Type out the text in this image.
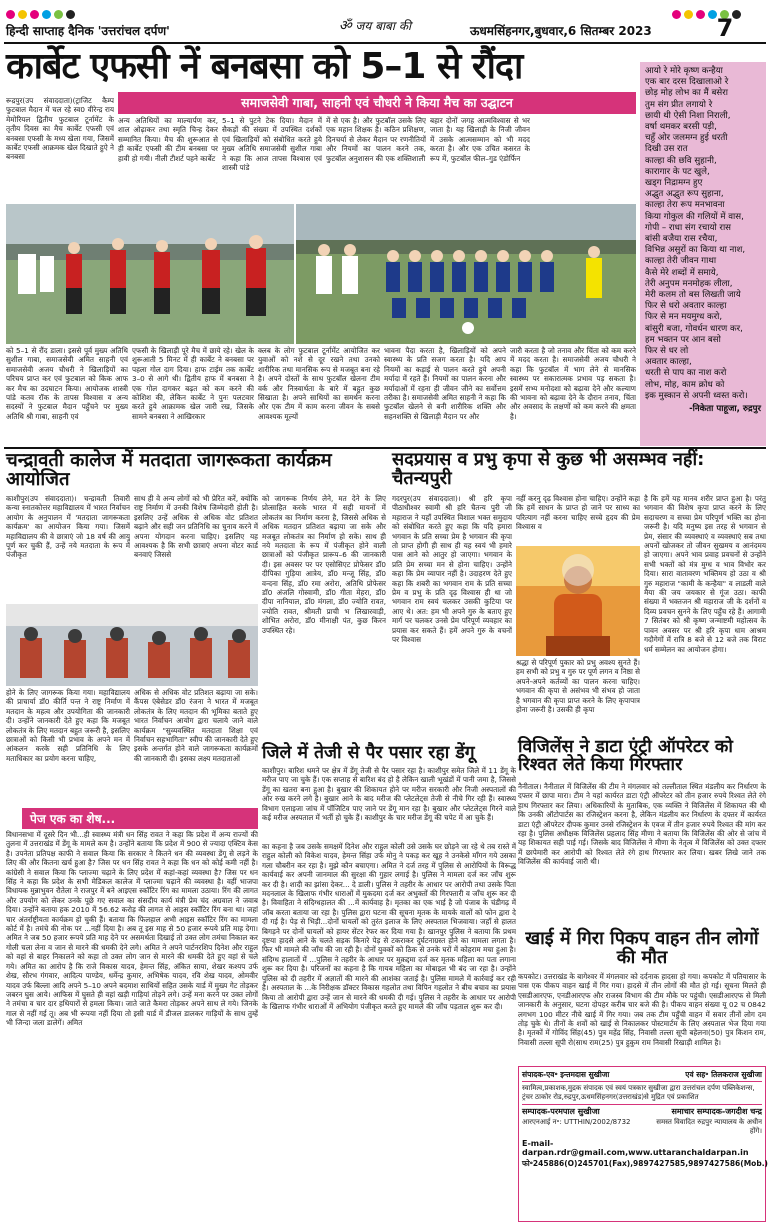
हिन्दी साप्ताह दैनिक 'उत्तरांचल दर्पण'	ॐ जय बाबा की	ऊधमसिंहनगर,बुधवार,6 सितम्बर 2023	7
कार्बेट एफसी नें बनबसा को 5–1 से रौंदा
रूद्रपुर(उप संवाददाता)(ट्राजिट कैम्प फुटबाल मैदान में चल रहे स्व0 वीरेन्द्र राय मेमोरियल द्वितीय फुटबाल टूर्नामेंट के तृतीय दिवस का मैच कार्बेट एफसी एवं बनबसा एफसी के मध्य खेला गया, जिसमें कार्बेट एफसी आक्रमक खेल दिखाते हुऐ ने बनबसा
समाजसेवी गाबा, साहनी एवं चौधरी ने किया मैच का उद्घाटन
अन्य अतिथियों का माल्यार्पण कर, शाल ओढ़ाकर तथा स्मृति चिन्ह देकर सम्मानित किया। मैच की शुरूआत से ही कार्बेट एफसी की टीम बनबसा पर हावी हो गयी। नीली टीशर्ट पहने कार्बेट
5–1 से पुटने टेक दिया। मैदान में सैकड़ों की संख्या में उपस्थित दर्शकों एवं खिलाड़ियों को संबोधित करते हुये मुख्य अतिथि समाजसेवी सुशील गाबा ने कहा कि आज तापस विश्वास एवं शास्त्री पांडे
में से एक है। और फुटबॉल उसके लिए एक महान शिक्षक है। कठिन प्रशिक्षण, दिनचर्या से लेकर मैदान पर रणनीतियों और नियमों का पालन करने तक, फुटबॉल अनुशासन की एक शक्तिशाली
बहार दोनों जगह आत्मविश्वास से भर जाता है। यह खिलाड़ी के निजी जीवन में उसके आत्मसम्मान को भी मदद करता है। और एक उचित कसरत के रूप में, फुटबॉल फील–गुड एंडोर्फिन
को 5–1 से रौंद डाला। इससे पूर्व मुख्य अतिथि सुशील गाबा, समाजसेवी अमित साहनी एवं समाजसेवी अजय चौधरी ने खिलाड़ियों का परिचय प्राप्त कर एवं फुटबाल को किक आफ कर मैच का उदघाटन किया। आयोजक शास्त्री पांडे कतव रॉक के तापस विश्वास व अन्य सदस्यों ने फुटबाल मैदान पहुँचने पर मुख्य अतिथि श्री गाबा, साहनी एवं
एफसी के खिलाड़ी पूरे मैच में छाये रहे। खेल के शुरूआती 5 मिनट में ही कार्बेट ने बनबसा पर पहला गोल दाग दिया। हाफ टाईम तक कार्बेट 3–0 से आगे थी। द्वितीय हाफ में बनबसा ने एक गोल दागकर बढ़त को कम करने की कोशिश की, लेकिन कार्बेट ने पुनः पलटवार करते हुये आक्रामक खेल जारी रख, जिसके सामने बनबसा ने आखिरकार
क्लब के लोग फुटबाल टूर्नामेंट आयोजित कर युवाओं को नशे से दूर रखने तथा उनको शारीरिक तथा मानसिक रूप से मजबूत बना रहे है। अपने दोस्तों के साथ फुटबॉल खेलना टीम वर्क और निःस्वार्थता के बारे में बहुत कुछ सिखाता है। अपने साथियों का समर्थन करना और एक टीम में काम करना जीवन के सबसे आवश्यक मूल्यों
भावना पैदा करता है, खिलाड़ियों को अपने स्वास्थ्य के प्रति सजग करता है। यदि आप नियमों का कड़ाई से पालन करते हुये अपनी मर्यादा में रहते हैं। नियमों का पालन करना और मर्यादाओं में रहना ही जीवन जीने का सर्वोत्तम तरीका है। समाजसेवी अमित साहनी ने कहा कि फुटबॉल खेलने से बनी शारीरिक शक्ति और सहनशक्ति से खिलाड़ी मैदान पर और
जारी करता है जो तनाव और चिंता को कम करने में मदद करता है। समाजसेवी अजय चौधरी ने कहा कि फुटबॉल में भाग लेने से मानसिक स्वास्थ्य पर सकारात्मक प्रभाव पड़ सकता है। इसमें सभ्य मनोदशा को बढ़ावा देने और कल्याण की भावना को बढ़ावा देने के दौरान तनाव, चिंता और अवसाद के लक्षणों को कम करने की क्षमता है।
आयो रे मोरे कृष्ण कन्हैया
एक बार दरस दिखालाओ रे
छोड़ मोह लोभ का मैं बसेरा
तुम संग प्रीत लगायो रे
छायी थी ऐसी निशा निराली,
वर्षा थमकर बरसी पड़ी,
चहुँ ओर जलमग्न हुई धरती
दिखी उस रात
काल्हा की छवि सुहानी,
कारागार के पट खुले,
खड्ग निद्रामग्न हुए
अद्भुत अद्भुत रूप सुहाना,
काल्हा तेरा रूप मनभावना
किया गोकुल की गलियों में वास,
गोपी – राधा संग रचायो रास
बांसी बजैया रास रचैया,
विभिन्न असुरों का किया था नाश,
काल्हा तेरी जीवन गाथा
कैसे मेरे शब्दों में समाये,
तेरी अनुपम मनमोहक लीला,
मेरी कलम तो बस लिखती जाये
फिर से धरो अवतार काल्हा
फिर से मन मयमुग्ध करो,
बांसुरी बजा, गोवर्धन धारण कर,
हम भक्तन पर आन बसो
फिर से धर लो
अवतार काल्हा,
धरती से पाप का नाश करो
लोभ, मोह, काम क्रोध को
इक मुस्कान से अपनी ध्वस्त करो।
-निकेता पाहूजा, रुद्रपुर
चन्द्रावती कालेज में मतदाता जागरूकता कार्यक्रम आयोजित
काशीपुर(उप संवाददाता)। चन्द्रावती तिवारी कन्या स्नातकोत्तर महाविद्यालय में भारत निर्वाचन आयोग के अनुपालन में 'मतदाता जागरूकता कार्यक्रम' का आयोजन किया गया। जिसमें महाविद्यालय की वे छात्राएं जो 18 वर्ष की आयु पूर्ण कर चुकी हैं, उन्हें नये मतदाता के रूप में पंजीकृत
साथ ही वे अन्य लोगों को भी प्रेरित करें, क्योंकि राष्ट्र निर्माण में उनकी विशेष जिम्मेदारी होती है। इसलिए उन्हें अधिक से अधिक वोट प्रतिशत बढ़ाने और सही जन प्रतिनिधि का चुनाव करने में अपना योगदान करना चाहिए। इसलिए यह आवश्यक है कि सभी छात्राएं अपना वोटर कार्ड बनवाएं जिससे
को जागरूक निर्णय लेने, मत देने के लिए प्रोत्साहित करके भारत में सही मायनों में लोकतंत्र का निर्माण करना है, जिससे अधिक से अधिक मतदान प्रतिशत बढ़ाया जा सके और मजबूत लोकतंत्र का निर्माण हो सके। साथ ही नये मतदाता के रूप में पंजीकृत होने वाली छात्राओं को पंजीकृत प्रारूप–6 की जानकारी दी। इस अवसर पर पर एसोसिएट प्रोफेसर डॉ0 दीपिका गुड़िया आत्रेय, डॉ0 मन्जू सिंह, डॉ0 वन्दना सिंह, डॉ0 रमा अरोरा, अतिथि प्रोफेसर डॉ0 अंजलि गोस्वामी, डॉ0 गीता मेहरा, डॉ0 दीपा नानियाल, डॉ0 मंगला, डॉ0 ज्योति रावत, ज्योति रावत, श्रीमती प्राची भ लिखारवाड़ी, शोभित अरोरा, डॉ0 मीनाक्षी पंत, कुछ किरन उपस्थित रहे।
होने के लिए जागरूक किया गया। महाविद्यालय की प्राचार्या डॉ0 कीर्ति पन्त ने राष्ट्र निर्माण में मतदान के महत्व और उपयोगिता की जानकारी दी। उन्होंने जानकारी देते हुए कहा कि मजबूत लोकतंत्र के लिए मतदान बहुत जरूरी है, इसलिए छात्राओं को किसी भी प्रभाव के अपने मन में आंकलन करके सही प्रतिनिधि के लिए मताधिकार का प्रयोग करना चाहिए,
अधिक से अधिक वोट प्रतिशत बढ़ाया जा सके। कैंपस एंबेसेडर डॉ0 रंजना ने भारत में मजबूत लोकतंत्र के लिए मतदान की भूमिका बताते हुए भारत निर्वाचन आयोग द्वारा चलाये जाने वाले कार्यक्रम "सुव्यवस्थित मतदाता शिक्षा एवं निर्वाचन सहभागिता" स्वीप की जानकारी देते हुए इसके अन्तर्गत होने वाले जागरूकता कार्यक्रमों की जानकारी दी। इसका लक्ष्य मतदाताओं
सदप्रयास व प्रभु कृपा से कुछ भी असम्भव नहीं: चैतन्यपुरी
गदरपुर(उप संवाददाता)। श्री हरि कृपा पीठाधीश्वर स्वामी श्री हरि चैतन्य पुरी जी महाराज ने यहाँ उपस्थित विशाल भक्त समुदाय को संबोधित करते हुए कहा कि यदि हमारा भगवान के प्रति सच्चा प्रेम है भगवान की कृपा तो प्राप्त होगी ही साथ ही यह स्वयं भी हमारे पास आने को आतुर हो जाएगा। भगवान के प्रति प्रेम सच्चा मन से होना चाहिए। उन्होंने कहा कि प्रेम व्यापार नहीं है। उदाहरण देते हुए कहा कि शबरी का भगवान राम के प्रति सच्चा प्रेम व प्रभु के प्रति दृढ़ विश्वास ही था जो भगवान राम स्वयं चलकर उसकी कुटिया पर आए थे। अत: हम भी अपने गुरु के बताए हुए मार्ग पर चलकर उनसे प्रेम परिपूर्ण व्यवहार का प्रयास कर सकते हैं। हमें अपने गुरु के वचनों पर विश्वास
नहीं करनु दृढ़ विश्वास होना चाहिए। उन्होंने कहा कि हमें साधन के प्राप्त हो जाने पर साध्य का परित्याग नहीं करना चाहिए सच्चे हृदय की प्रेम विश्वास व
श्रद्धा से परिपूर्ण पुकार को प्रभु अवश्य सुनते हैं। हम सभी को प्रभु व गुरु पर पूर्ण लगन व निष्ठा से अपने-अपने कर्तव्यों का पालन करना चाहिए। भगवान की कृपा से असंभव भी संभव हो जाता है भगवान की कृपा प्राप्त करने के लिए कृपापात्र होना जरूरी है। उसकी ही कृपा
है कि हमें यह मानव शरीर प्राप्त हुआ है। परंतु भगवान की विशेष कृपा प्राप्त करने के लिए सदाचरण व सच्चा प्रेम परिपूर्ण भक्ति का होना जरूरी है। यदि मनुष्य इस तरह से भगवान से प्रेम, संसार की व्यवस्थाएं व व्यवस्थाएं सब तथा अपनों खोजकर तो जीवन सुखमय व आनंदमय हो जाएगा। अपने भाव प्रवाह प्रवचनों से उन्होंने सभी भक्तों को मंत्र मुग्ध व भाव विभोर कर दिया। सारा वातावरण भक्तिमय हो उठा व श्री गुरु महाराज "कामी के कन्हैया" व लाडली वाले मैया की जय जयकार से गूंज उठा। काफी संख्या में भक्तजन श्री महाराज जी के दर्शनों व दिव्य प्रवचन सुनने के लिए पहुँच रहे हैं। आगामी 7 सितंबर को श्री कृष्ण जन्माष्टमी महोत्सव के पावन अवसर पर श्री हरि कृपा धाम आश्रम गदौगेगों में रात्रि 8 बजे से 12 बजे तक विराट धर्म सम्मेलन का आयोजन होगा।
जिले में तेजी से पैर पसार रहा डेंगू
काशीपुर। बारिश थमने पर क्षेत्र में डेंगू तेजी से पैर पसार रहा है। काशीपुर समेत जिले में 11 डेंगू के मरीज पाए जा चुके हैं। एक सप्ताह से बारिश बंद हो है लेकिन खाली भूखंडों में पानी जमा है, जिससे डेंगू का खतरा बना हुआ है। बुखार की शिकायत होने पर मरीज सरकारी और निजी अस्पतालों की ओर रुख करने लगे है। बुखार आने के बाद मरीज की प्लेटलेट्स तेजी से नीचे गिर रही हैं। स्वास्थ्य विभाग एलाइजा जांच में पॉजिटिव पाए जाने पर डेंगू मान रहा है। बुखार और प्लेटलेट्स गिरने वाले कई मरीज अस्पताल में भर्ती हो चुके हैं। काशीपुर के चार मरीज डेंगू की चपेट में आ चुके हैं।
विजिलेंस ने डाटा एंट्री ऑपरेटर को रिश्वत लेते किया गिरफ्तार
नैनीताल। नैनीताल में विजिलेंस की टीम ने मंगलवार को तल्लीताल स्थित मंडलीय कर निर्धारण के दफ्तर में छापा मारा। टीम ने यहां कार्यरत डाटा एंट्री ऑपरेटर को तीन हजार रुपये रिश्वत लेते रंगे हाथ गिरफ्तार कर लिया। अधिकारियों के मुताबिक, एक व्यक्ति ने विजिलेंस में शिकायत की थी कि उनकी ऑटोपार्टस का रजिस्ट्रेशन करना है, लेकिन मंडलीय कर निर्धारण के दफ्तर में कार्यरत डाटा एंट्री ऑपरेटर दीपक कुमार उनसे रजिस्ट्रेशन के एवज में तीन हजार रुपये रिश्वत की मांग कर रहा है। पुलिस अधीक्षक विजिलेंस प्रहलाद सिंह मीणा ने बताया कि विजिलेंस की ओर से जांच में यह शिकायत सही पाई गई। जिसके बाद विजिलेंस ने मीणा के नेतृत्व में विजिलेंस को उक्त दफ्तर में छापेमारी कर आरोपी को रिश्वत लेते रंगे हाथ गिरफ्तार कर लिया। खबर लिखे जाने तक विजिलेंस की कार्यवाई जारी थी।
पेज एक का शेष...
विधानसभा में दूसरे दिन भी...ही स्वास्थ्य मंत्री धन सिंह रावत ने कहा कि प्रदेश में अन्य राज्यों की तुलना में उत्तराखंड में डेंगू के मामले कम है। उन्होंने बताया कि प्रदेश में 900 से ज्यादा एक्टिव केस है। उपनेता प्रतिपक्ष काफी ने सवाल किया कि सरकार ने कितने धन की व्यवस्था डेंगू से लड़ने के लिए की और कितना खर्च हुआ है? जिस पर धन सिंह रावत ने कहा कि धन को कोई कमी नहीं है। कांग्रेसी ने सवाल किया कि प्लाज्मा चढ़ाने के लिए प्रदेश में कहां-कहां व्यवस्था है? जिस पर धन सिंह ने कहा कि प्रदेश के सभी मेडिकल कालेज में प्लाज्मा चढ़ाने की व्यवस्था है। वहीं भाजपा विधायक मुन्नाभुवन रौतेला ने राजपुर में बने आइएस स्कॉटिर रिंग का मामला उठाया। रिंग की लागत और उपयोग को लेकर उनके पूछे गए सवाल का संसदीय कार्य मंत्री प्रेम चंद अग्रवाल ने जवाब दिया। उन्होंने बताया हक 2010 में 56.62 करोड़ की लागत से आइस स्कॉटिर रिंग बना था। जहां चार अंतर्राष्ट्रीयता कार्यक्रम हो चुकी हैं। बताया कि फिलहाल अभी आइस स्कॉटिर रिंग का मामला कोर्ट में है। तमंचे की नोक पर ...नहीं दिया है। अब तू इस माह से 50 हजार रूपये प्रति माह देगा। अमित ने जब 50 हजार रूपये प्रति माह देने पर असमर्थता दिखाई तो उक्त लोग तमंचा निकाल कर गोली चला लेना व जान से मारने की धमकी देने लगे। अमित ने अपने पार्टनरशिप दिनेश और राहुल को वहां से बाहर निकालने को कहा तो उक्त लोग जान से मारने की धमकी देते हुए वहां से चले गये। अमित का आरोप है कि राजे विकास यादव, हेमन्त सिंह, अंकित साया, शेखर कश्यप उर्फ शेख, सौरभ गंगवार, आदित्य पाण्डेय, धर्मेन्द्र कुमार, अभिषेक यादव, रवि शेख यादव, ओमवीर यादव उर्फ बिल्ला आदि अपने 5–10 अपने बदमाश साथियों सहित उसके यार्ड में मुख्य गेट तोड़कर जबरन घुस आये। आफिस में घुसते ही वहां खड़ी गाड़ियां तोड़ने लगे। उन्हें मना करने पर उक्त लोगों ने तमंचा व चार दार हथियारों से हमला किया। जाते जाते कैमरा तोड़कर अपने साथ ले गये। जिनके गाल से नहीं गई तू। अब भी रूपया नहीं दिया तो इसी यार्ड में डीजल डालकर गाड़ियों के साथ तुम्हें भी जिन्दा जला डालेगें। अमित
का कहना है जब उसके समक्षमें दिनेश और राहुल कोली उसे उसके घर छोड़ने जा रहे थे तब रास्ते में राहुल कोली को विकेश यादव, हेमन्त सिंहा उर्फ मोनु ने पकड़ कर खूह ने उनकेसे माँगन गये उसका गला चौबरीन कर रहा है। मुझे कौन बचाएगा। अमित ने दर्ज तरह में पुलिस से आरोपियों के विरूद्ध कार्यवाई कर अपनी जानमाल की सुरक्षा की गुहार लगाई है। पुलिस ने मामला दर्ज कर जाँच शुरू कर दी है। शादी का झांसा देकर... दे डाली। पुलिस ने तहरीर के आधार पर आरोपी तथा उसके पिता मदनलाल के खिलाफ गंभीर धाराओं में मुकदमा दर्ज कर अभुक्तों की गिरफ्तारी व जाँच शुरू कर दी है। विवाहिता ने संदिग्धहालत की ...में कार्यवाह है। मृतका का एक भाई है जो पंजाब के चंडीगढ़ में जॉब करता बताया जा रहा है। पुलिस द्वारा घटना की सूचना मृतक के मायके वालों को फोन द्वारा दे दी गई है। पेड़ से भिड़ी...दोनों घायलों को तुरंत इलाज के लिए अस्पताल भिजवाया। जहाँ से हालत बिगड़ने पर दोनों घायलों को हायर सेंटर रेफर कर दिया गया है। खानपुर पुलिस ने बताया कि प्रथम दृष्टया हादसे आने के चलते सड़क किनारे पेड़ से टकराकर दुर्घटनाग्रस्त होने का मामला लगता है। फिर भी मामले की जाँच की जा रही है। दोनों युवकों को ठिक से उनके घरों में कोहराम मचा हुआ है। संदिग्ध हालातों में ...पुलिस ने तहरीर के आधार पर मुक़द्दमा दर्ज कर मृतक महिला का पता लगाना शुरू कर दिया है। परिजनों का कहना है कि गायब महिला का मोबाइल भी बंद जा रहा है। उन्होंने पुलिस को दी तहरीर में अज्ञातों की मारने की आशंका जताई है। पुलिस मामले में कार्रवाई कर रही है। अस्पताल के ...के निरीक्षक डॉक्टर विकास गहलोत तथा विपिन गहलोत ने बीच बचाव का प्रयास किया तो आरोपी द्वारा उन्हें जान से मारने की धमकी दी गई। पुलिस ने तहरीर के आधार पर आरोपी के खिलाफ गंभीर धाराओं में अभियोग पंजीकृत करते हुए मामले की जाँच पड़ताल शुरू कर दी।
खाई में गिरा पिकप वाहन तीन लोगों की मौत
कपकोट। उत्तराखंड के बागेश्वर में मंगलवार को दर्दनाक हादसा हो गया। कपकोट में पतियासार के पास एक पीकप वाहन खाई में गिर गया। हादसे में तीन लोगों की मौत हो गई। सूचना मिलते ही एसडीआरएफ, एनडीआरएफ और राजस्व विभाग की टीम मौके पर पहुंची। एसडीआरएफ से मिली जानकारी के अनुसार, घटना दोपहर करीब चार बजे की है। पीकप वाहन संख्या यू 02 च 0842 लगभग 100 मीटर नीचे खाई में गिर गया। जब तक टीम पहुँची वाहन में सवार तीनों लोग दम तोड़ चुके थे। तीनों के शवों को खाई से निकालकर पोस्टमार्टम के लिए अस्पताल भेज दिया गया है। मृतकों में गोविंद सिंह(45) पुत्र महेंद्र सिंह, निवासी तल्ला सूपी बहेलना(50) पुत्र किशन राम, निवासी तल्ला सूपी रो(साथ राम(25) पुत्र हुकुम राम निवासी रिखाड़ी शामिल है।
संपादक-एव॰ इन्तमदास सुखीजा	एवं सह॰ तिलकराज सुखीजा
स्वामित्व,प्रकाशक,मुद्रक संपादक एवं स्वयं पत्रकार सुखीजा द्वारा उत्तरांचल दर्पण पब्लिकेशन्स,
ट्रंचर ठाकोर रोड,रुद्रपुर,ऊधमसिंहनगर(उत्तराखंड)से मुद्रित एवं प्रकाशित
सम्पादक-परमपाल सुखीजा	समाचार सम्पादक-जगदीश चन्द्र
आरएनआई न॰: UTTHIN/2002/8732	समस्त विवादित रुद्रपुर न्यायालय के अधीन होंगे।
E-mail-darpan.rdr@gmail.com,www.uttaranchaldarpan.in
फो॰245886(O)245701(Fax),9897427585,9897427586(Mob.)
